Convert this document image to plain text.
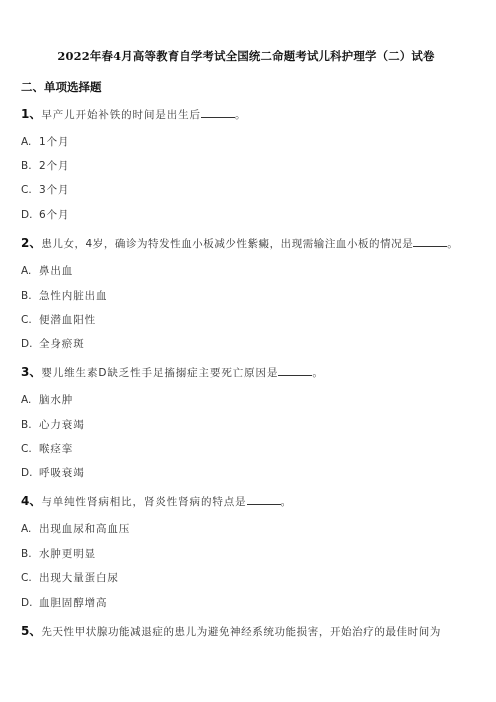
2022年春4月高等教育自学考试全国统二命题考试儿科护理学（二）试卷
二、单项选择题
1、早产儿开始补铁的时间是出生后	。
A. 1个月
B. 2个月
C. 3个月
D. 6个月
2、患儿女，4岁，确诊为特发性血小板减少性紫癜，出现需输注血小板的情况是	。
A. 鼻出血
B. 急性内脏出血
C. 便潜血阳性
D. 全身瘀斑
3、婴儿维生素D缺乏性手足搐搦症主要死亡原因是	。
A. 脑水肿
B. 心力衰竭
C. 喉痉挛
D. 呼吸衰竭
4、与单纯性肾病相比，肾炎性肾病的特点是	。
A. 出现血尿和高血压
B. 水肿更明显
C. 出现大量蛋白尿
D. 血胆固醇增高
5、先天性甲状腺功能减退症的患儿为避免神经系统功能损害，开始治疗的最佳时间为
